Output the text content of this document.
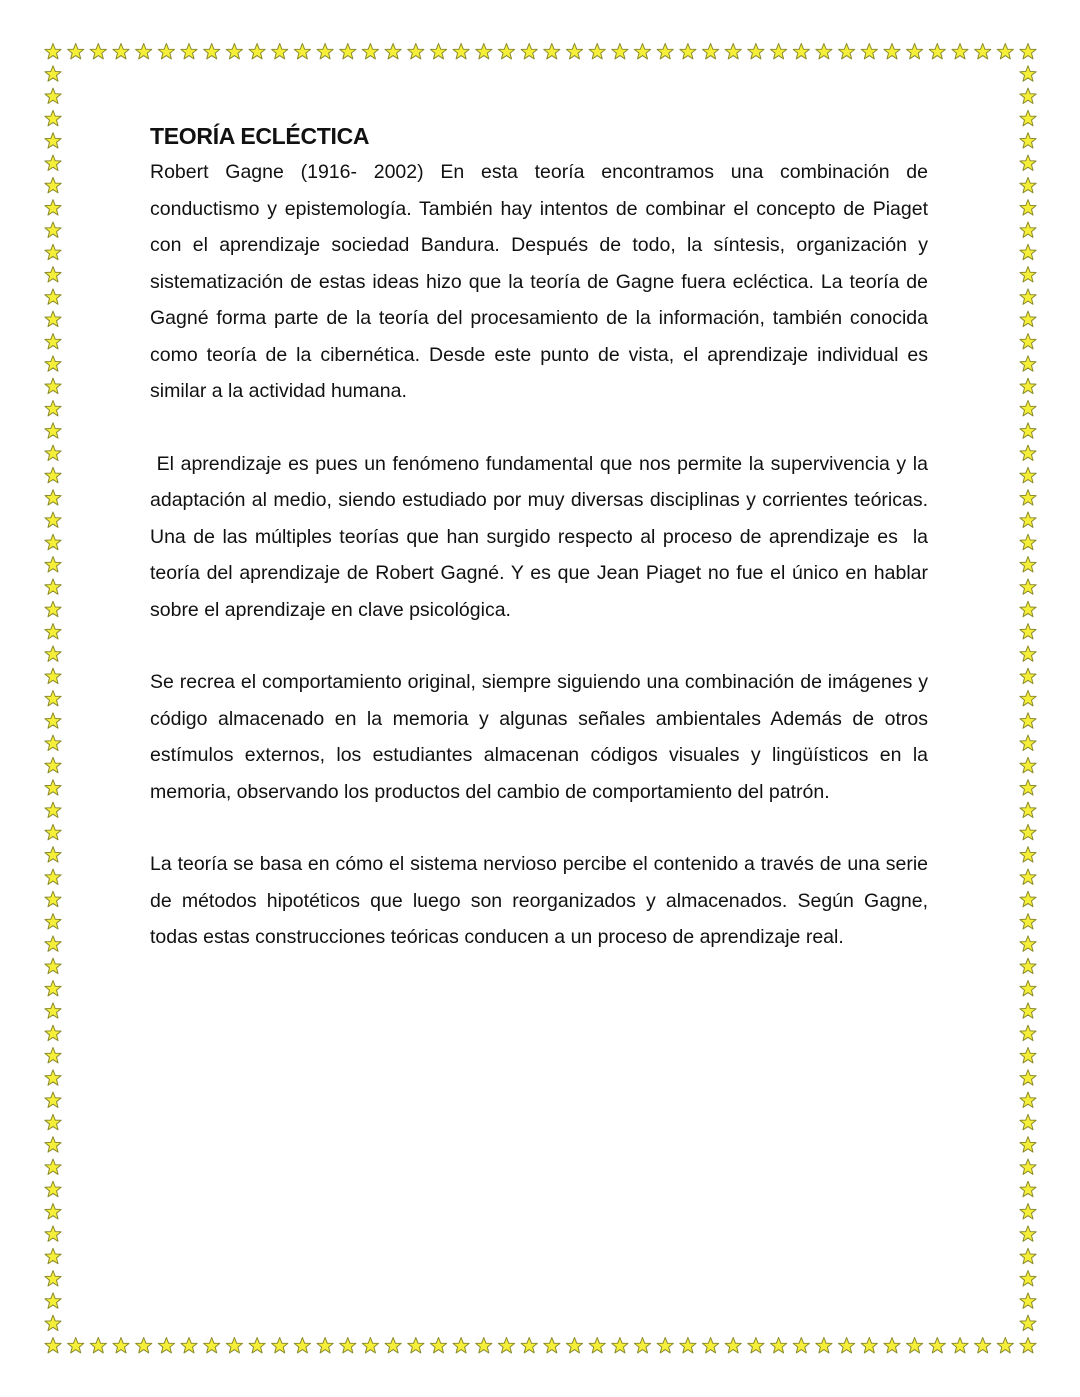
TEORÍA ECLÉCTICA

Robert Gagne (1916- 2002) En esta teoría encontramos una combinación de conductismo y epistemología. También hay intentos de combinar el concepto de Piaget con el aprendizaje sociedad Bandura. Después de todo, la síntesis, organización y sistematización de estas ideas hizo que la teoría de Gagne fuera ecléctica. La teoría de Gagné forma parte de la teoría del procesamiento de la información, también conocida como teoría de la cibernética. Desde este punto de vista, el aprendizaje individual es similar a la actividad humana.

El aprendizaje es pues un fenómeno fundamental que nos permite la supervivencia y la adaptación al medio, siendo estudiado por muy diversas disciplinas y corrientes teóricas. Una de las múltiples teorías que han surgido respecto al proceso de aprendizaje es  la teoría del aprendizaje de Robert Gagné. Y es que Jean Piaget no fue el único en hablar sobre el aprendizaje en clave psicológica.

Se recrea el comportamiento original, siempre siguiendo una combinación de imágenes y código almacenado en la memoria y algunas señales ambientales Además de otros estímulos externos, los estudiantes almacenan códigos visuales y lingüísticos en la memoria, observando los productos del cambio de comportamiento del patrón.

La teoría se basa en cómo el sistema nervioso percibe el contenido a través de una serie de métodos hipotéticos que luego son reorganizados y almacenados. Según Gagne, todas estas construcciones teóricas conducen a un proceso de aprendizaje real.
